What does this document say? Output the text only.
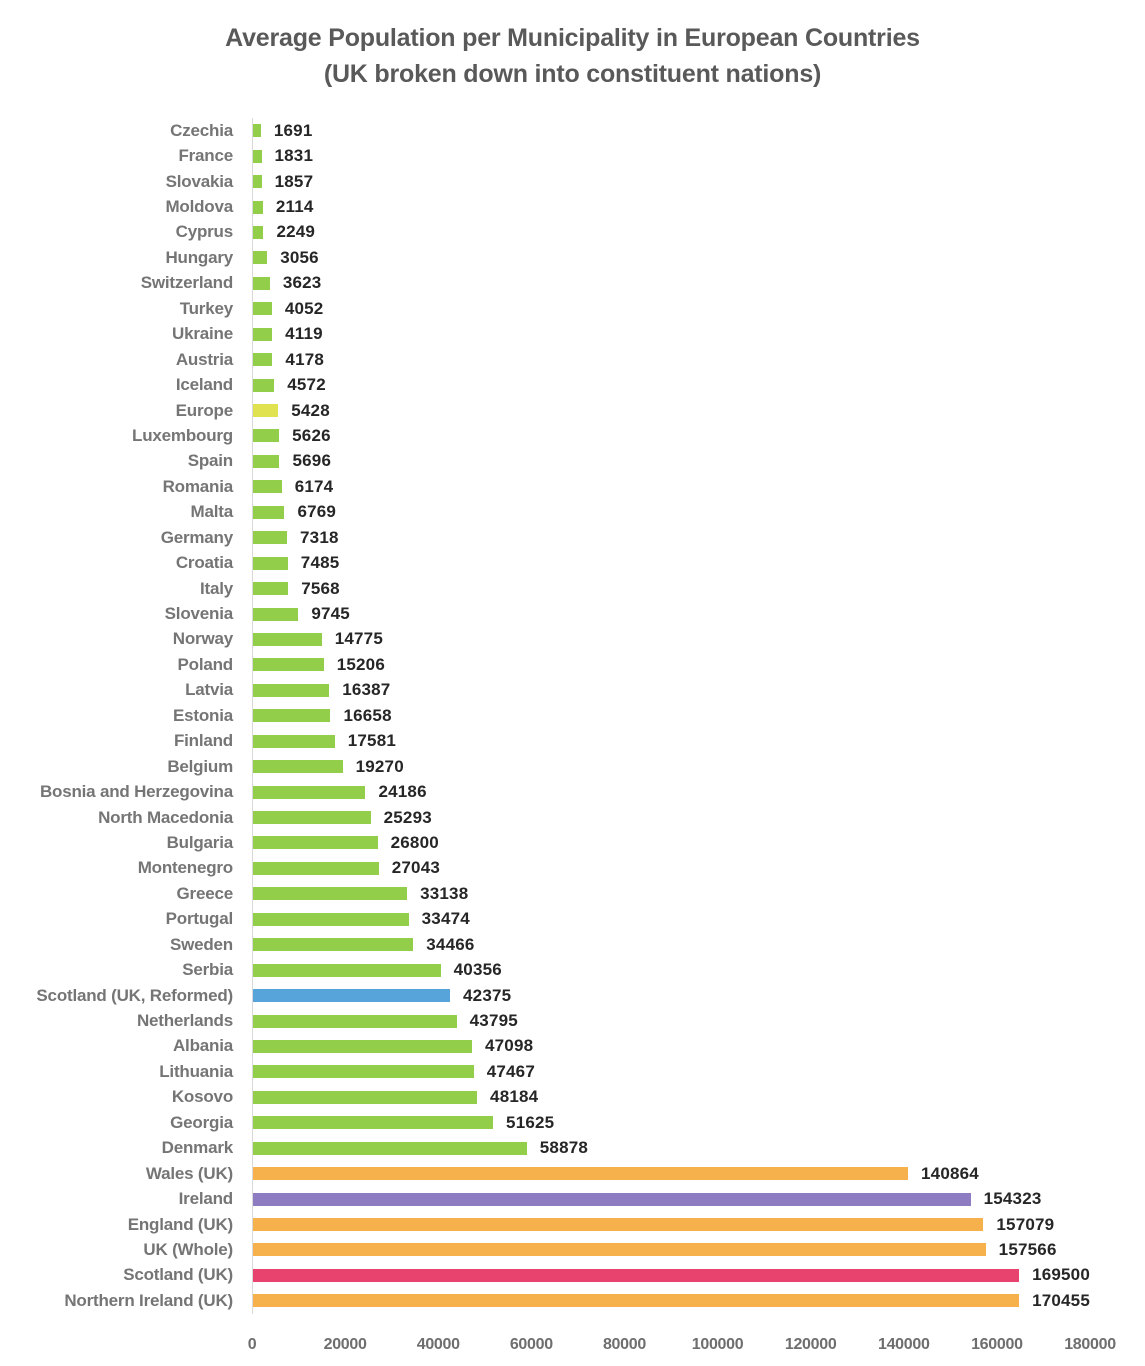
Average Population per Municipality in European Countries
(UK broken down into constituent nations)
Czechia	1691
France	1831
Slovakia	1857
Moldova	2114
Cyprus	2249
Hungary	3056
Switzerland	3623
Turkey	4052
Ukraine	4119
Austria	4178
Iceland	4572
Europe	5428
Luxembourg	5626
Spain	5696
Romania	6174
Malta	6769
Germany	7318
Croatia	7485
Italy	7568
Slovenia	9745
Norway	14775
Poland	15206
Latvia	16387
Estonia	16658
Finland	17581
Belgium	19270
Bosnia and Herzegovina	24186
North Macedonia	25293
Bulgaria	26800
Montenegro	27043
Greece	33138
Portugal	33474
Sweden	34466
Serbia	40356
Scotland (UK, Reformed)	42375
Netherlands	43795
Albania	47098
Lithuania	47467
Kosovo	48184
Georgia	51625
Denmark	58878
Wales (UK)	140864
Ireland	154323
England (UK)	157079
UK (Whole)	157566
Scotland (UK)	169500
Northern Ireland (UK)	170455
0	20000	40000	60000	80000	100000	120000	140000	160000	180000
